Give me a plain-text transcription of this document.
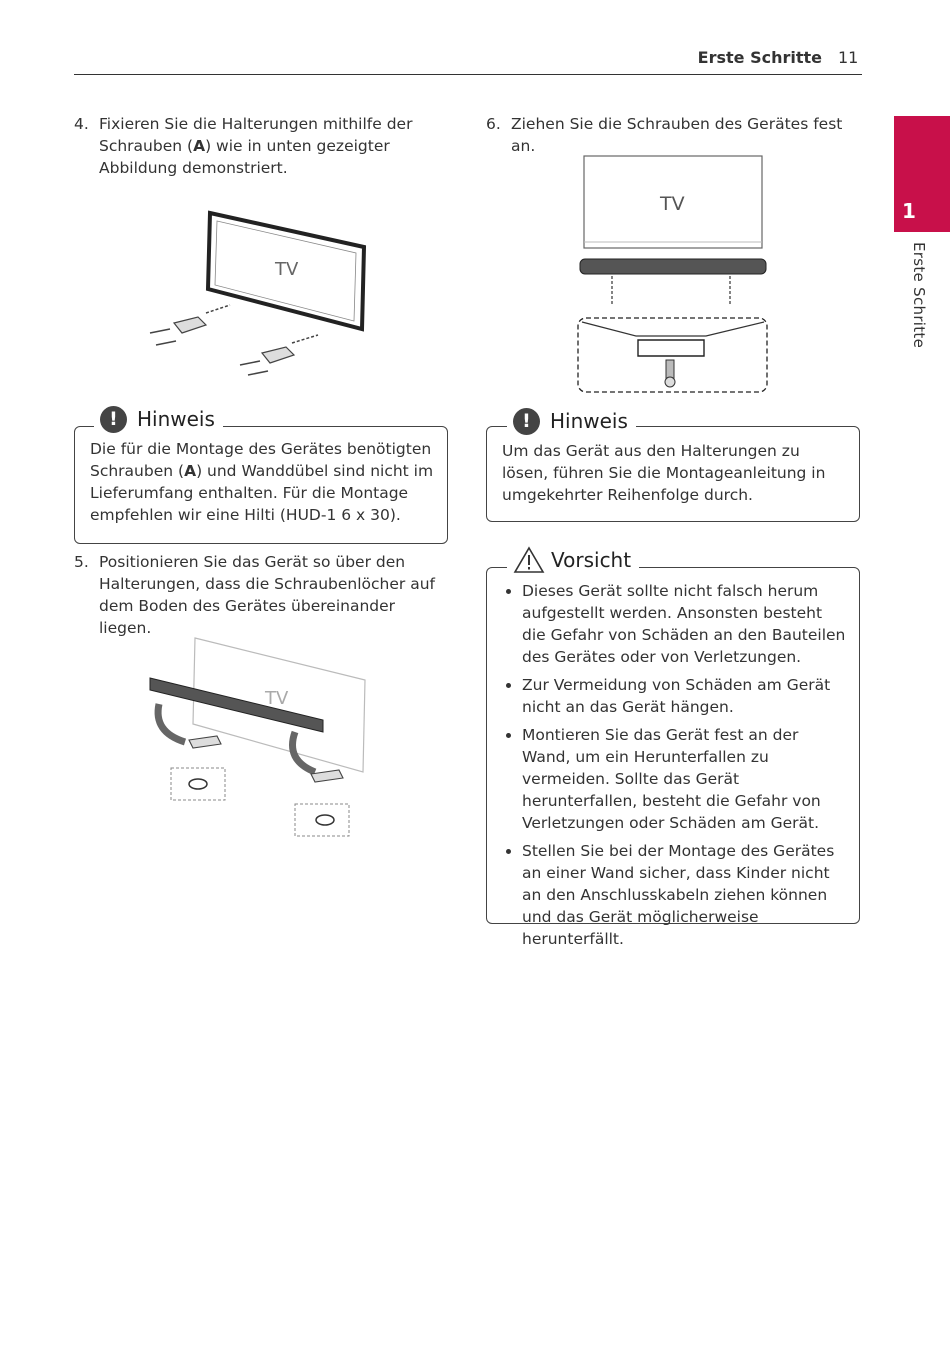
Erste Schritte 11
1
Erste Schritte
4. Fixieren Sie die Halterungen mithilfe der Schrauben (A) wie in unten gezeigter Abbildung demonstriert.
TV
! Hinweis
Die für die Montage des Gerätes benötigten Schrauben (A) und Wanddübel sind nicht im Lieferumfang enthalten. Für die Montage empfehlen wir eine Hilti (HUD-1 6 x 30).
5. Positionieren Sie das Gerät so über den Halterungen, dass die Schraubenlöcher auf dem Boden des Gerätes übereinander liegen.
TV
6. Ziehen Sie die Schrauben des Gerätes fest an.
TV
! Hinweis
Um das Gerät aus den Halterungen zu lösen, führen Sie die Montageanleitung in umgekehrter Reihenfolge durch.
Vorsicht
Dieses Gerät sollte nicht falsch herum aufgestellt werden. Ansonsten besteht die Gefahr von Schäden an den Bauteilen des Gerätes oder von Verletzungen.
Zur Vermeidung von Schäden am Gerät nicht an das Gerät hängen.
Montieren Sie das Gerät fest an der Wand, um ein Herunterfallen zu vermeiden. Sollte das Gerät herunterfallen, besteht die Gefahr von Verletzungen oder Schäden am Gerät.
Stellen Sie bei der Montage des Gerätes an einer Wand sicher, dass Kinder nicht an den Anschlusskabeln ziehen können und das Gerät möglicherweise herunterfällt.
